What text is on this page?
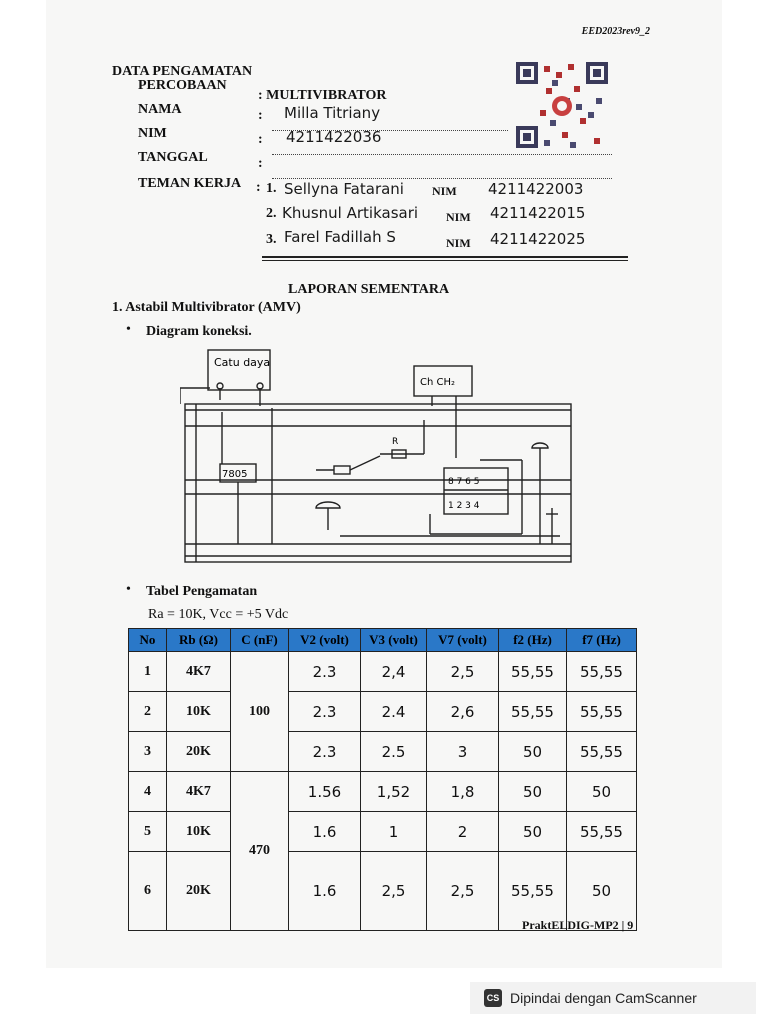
EED2023rev9_2
DATA PENGAMATAN
PERCOBAAN
: MULTIVIBRATOR
NAMA	: Milla Titriany
NIM	: 4211422036
TANGGAL	:
TEMAN KERJA : 1. Sellyna Fatarani NIM 4211422003
2. Khusnul Artikasari NIM 4211422015
3. Farel Fadillah S	NIM 4211422025
LAPORAN SEMENTARA
1. Astabil Multivibrator (AMV)
• Diagram koneksi.
Catu daya
Ch CH₂
7805
8 7 6 5
1 2 3 4
R
• Tabel Pengamatan
Ra = 10K, Vcc = +5 Vdc
No	Rb (Ω)	C (nF)	V2 (volt)	V3 (volt)	V7 (volt)	f2 (Hz)	f7 (Hz)
1	4K7	100	2.3	2,4	2,5	55,55	55,55
2	10K		2.3	2.4	2,6	55,55	55,55
3	20K		2.3	2.5	3	50	55,55
4	4K7	470	1.56	1,52	1,8	50	50
5	10K		1.6	1	2	50	55,55
6	20K		1.6	2,5	2,5	55,55	50
PraktELDIG-MP2 | 9
CS Dipindai dengan CamScanner
